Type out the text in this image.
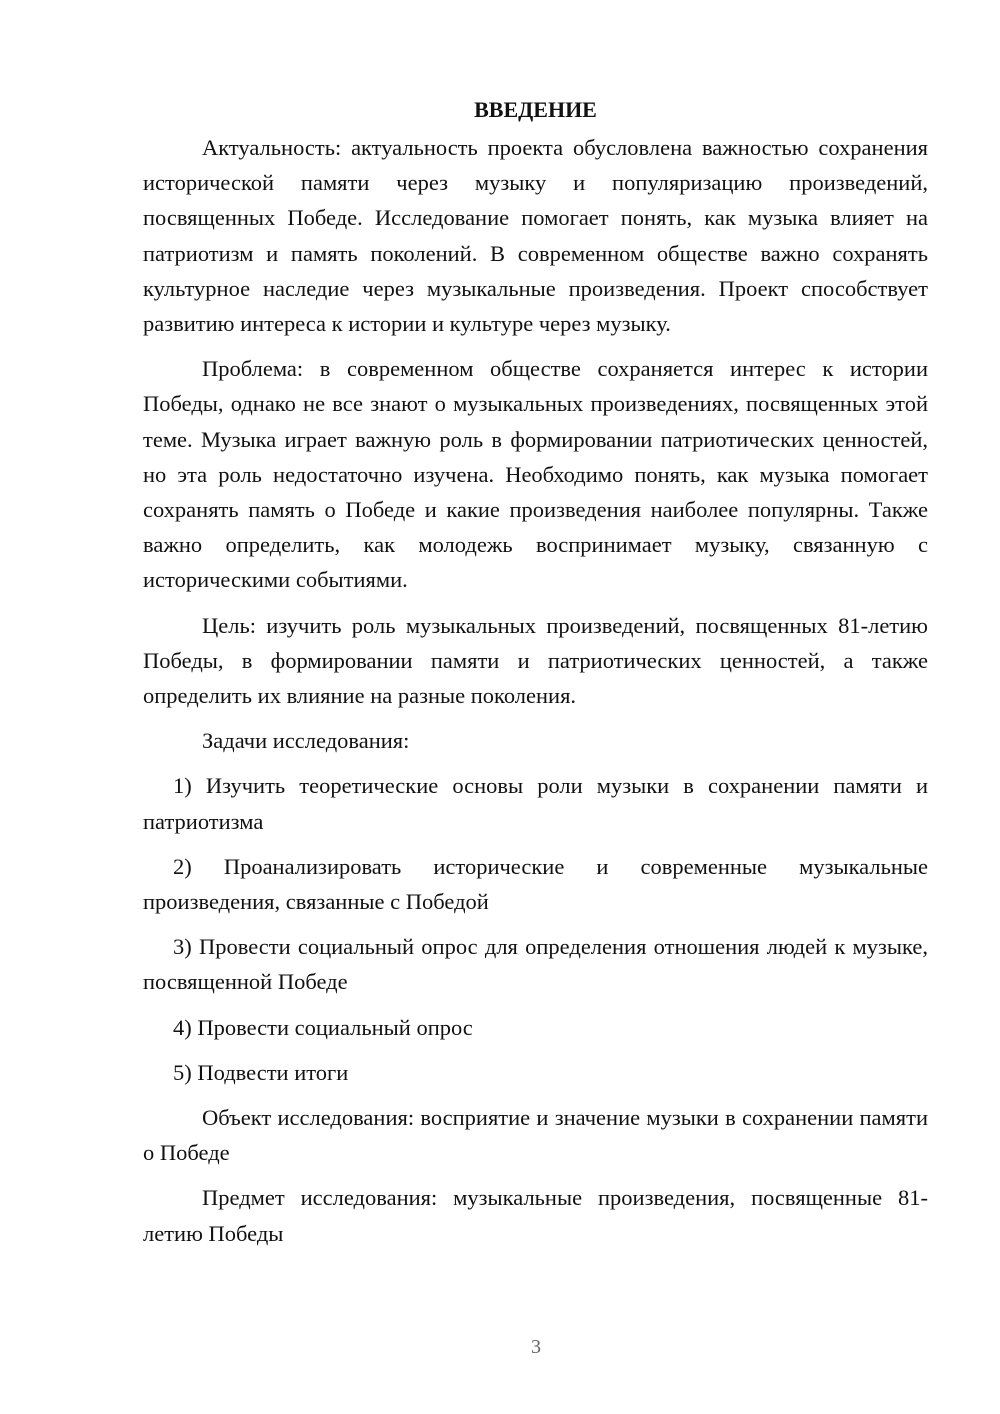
ВВЕДЕНИЕ

Актуальность: актуальность проекта обусловлена важностью сохранения исторической памяти через музыку и популяризацию произведений, посвященных Победе. Исследование помогает понять, как музыка влияет на патриотизм и память поколений. В современном обществе важно сохранять культурное наследие через музыкальные произведения. Проект способствует развитию интереса к истории и культуре через музыку.

Проблема: в современном обществе сохраняется интерес к истории Победы, однако не все знают о музыкальных произведениях, посвященных этой теме. Музыка играет важную роль в формировании патриотических ценностей, но эта роль недостаточно изучена. Необходимо понять, как музыка помогает сохранять память о Победе и какие произведения наиболее популярны. Также важно определить, как молодежь воспринимает музыку, связанную с историческими событиями.

Цель: изучить роль музыкальных произведений, посвященных 81-летию Победы, в формировании памяти и патриотических ценностей, а также определить их влияние на разные поколения.

Задачи исследования:

1) Изучить теоретические основы роли музыки в сохранении памяти и патриотизма

2) Проанализировать исторические и современные музыкальные произведения, связанные с Победой

3) Провести социальный опрос для определения отношения людей к музыке, посвященной Победе

4) Провести социальный опрос

5) Подвести итоги

Объект исследования: восприятие и значение музыки в сохранении памяти о Победе

Предмет исследования: музыкальные произведения, посвященные 81-летию Победы

3
